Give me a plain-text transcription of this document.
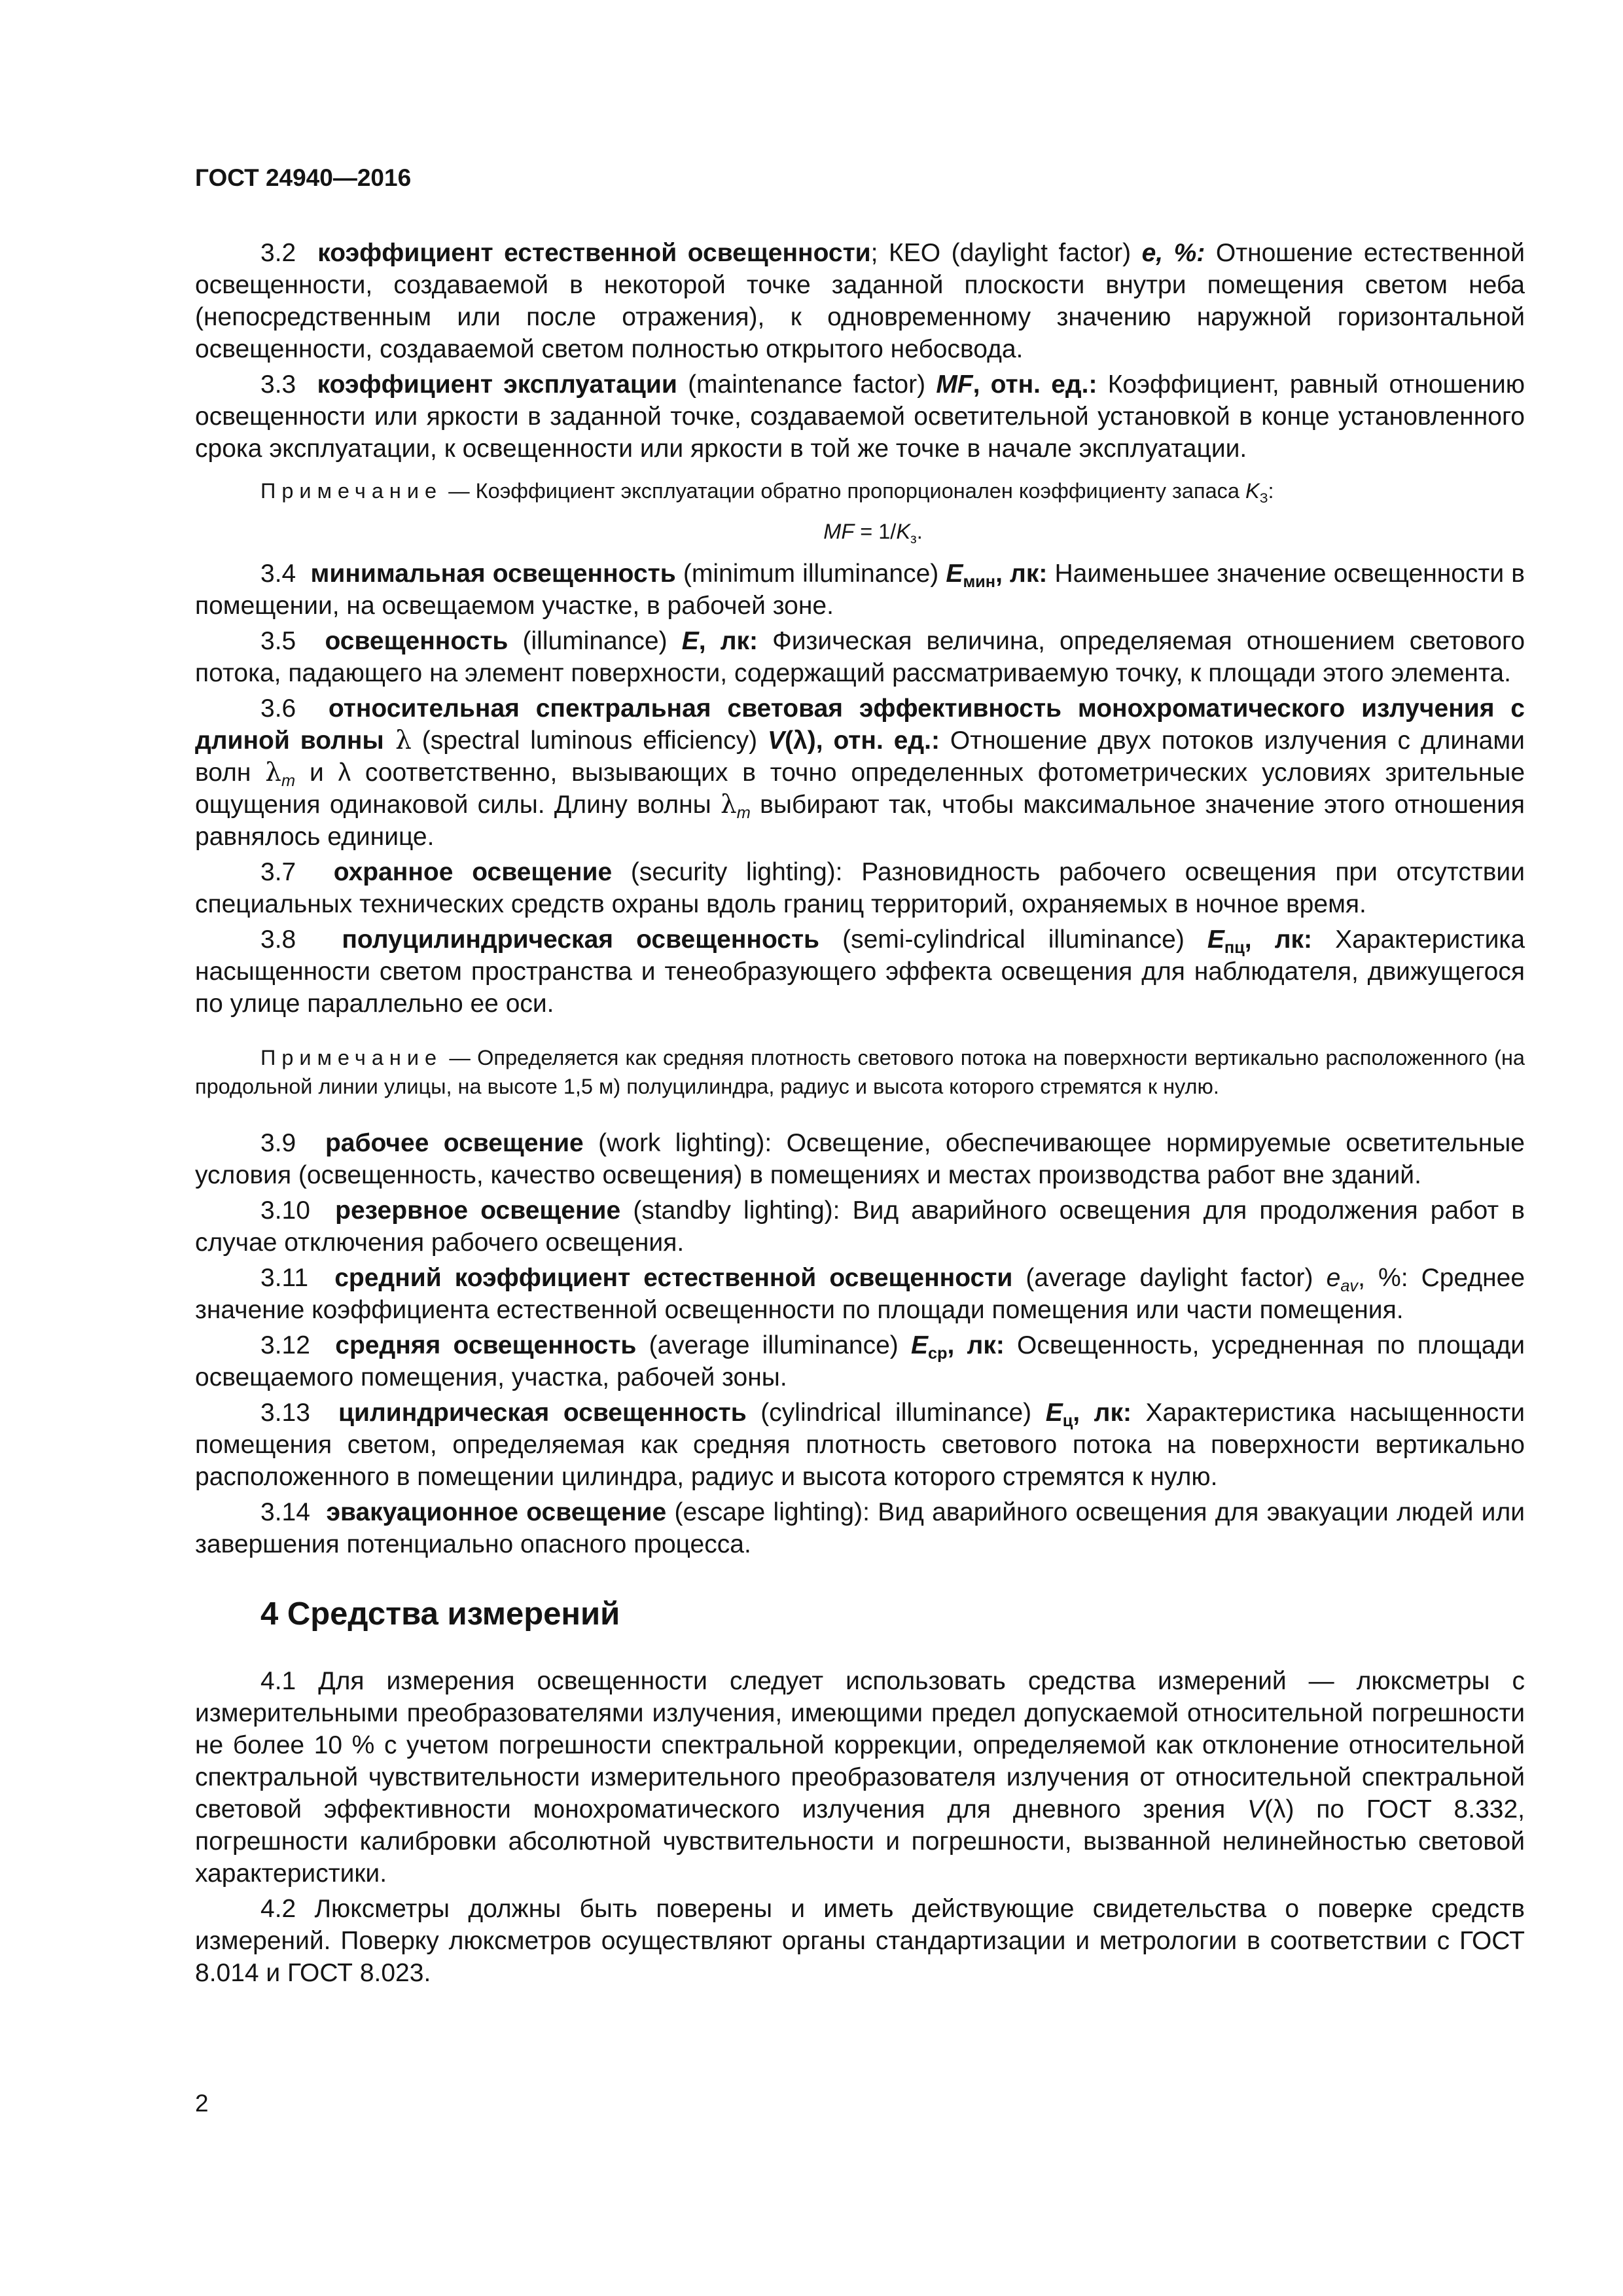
ГОСТ 24940—2016

3.2 коэффициент естественной освещенности; КЕО (daylight factor) e, %: Отношение естественной освещенности, создаваемой в некоторой точке заданной плоскости внутри помещения светом неба (непосредственным или после отражения), к одновременному значению наружной горизонтальной освещенности, создаваемой светом полностью открытого небосвода.

3.3 коэффициент эксплуатации (maintenance factor) MF, отн. ед.: Коэффициент, равный отношению освещенности или яркости в заданной точке, создаваемой осветительной установкой в конце установленного срока эксплуатации, к освещенности или яркости в той же точке в начале эксплуатации.

Примечание — Коэффициент эксплуатации обратно пропорционален коэффициенту запаса $K_З$:

MF = $1/K_з$.

3.4 минимальная освещенность (minimum illuminance) $E_{мин}$, лк: Наименьшее значение освещенности в помещении, на освещаемом участке, в рабочей зоне.

3.5 освещенность (illuminance) E, лк: Физическая величина, определяемая отношением светового потока, падающего на элемент поверхности, содержащий рассматриваемую точку, к площади этого элемента.

3.6 относительная спектральная световая эффективность монохроматического излучения с длиной волны λ (spectral luminous efficiency) V(λ), отн. ед.: Отношение двух потоков излучения с длинами волн $\lambda_m$ и λ соответственно, вызывающих в точно определенных фотометрических условиях зрительные ощущения одинаковой силы. Длину волны $\lambda_m$ выбирают так, чтобы максимальное значение этого отношения равнялось единице.

3.7 охранное освещение (security lighting): Разновидность рабочего освещения при отсутствии специальных технических средств охраны вдоль границ территорий, охраняемых в ночное время.

3.8 полуцилиндрическая освещенность (semi-cylindrical illuminance) $E_{пц}$, лк: Характеристика насыщенности светом пространства и тенеобразующего эффекта освещения для наблюдателя, движущегося по улице параллельно ее оси.

Примечание — Определяется как средняя плотность светового потока на поверхности вертикально расположенного (на продольной линии улицы, на высоте 1,5 м) полуцилиндра, радиус и высота которого стремятся к нулю.

3.9 рабочее освещение (work lighting): Освещение, обеспечивающее нормируемые осветительные условия (освещенность, качество освещения) в помещениях и местах производства работ вне зданий.

3.10 резервное освещение (standby lighting): Вид аварийного освещения для продолжения работ в случае отключения рабочего освещения.

3.11 средний коэффициент естественной освещенности (average daylight factor) $e_{av}$, %: Среднее значение коэффициента естественной освещенности по площади помещения или части помещения.

3.12 средняя освещенность (average illuminance) $E_{ср}$, лк: Освещенность, усредненная по площади освещаемого помещения, участка, рабочей зоны.

3.13 цилиндрическая освещенность (cylindrical illuminance) $E_ц$, лк: Характеристика насыщенности помещения светом, определяемая как средняя плотность светового потока на поверхности вертикально расположенного в помещении цилиндра, радиус и высота которого стремятся к нулю.

3.14 эвакуационное освещение (escape lighting): Вид аварийного освещения для эвакуации людей или завершения потенциально опасного процесса.

4 Средства измерений

4.1 Для измерения освещенности следует использовать средства измерений — люксметры с измерительными преобразователями излучения, имеющими предел допускаемой относительной погрешности не более 10 % с учетом погрешности спектральной коррекции, определяемой как отклонение относительной спектральной чувствительности измерительного преобразователя излучения от относительной спектральной световой эффективности монохроматического излучения для дневного зрения V(λ) по ГОСТ 8.332, погрешности калибровки абсолютной чувствительности и погрешности, вызванной нелинейностью световой характеристики.

4.2 Люксметры должны быть поверены и иметь действующие свидетельства о поверке средств измерений. Поверку люксметров осуществляют органы стандартизации и метрологии в соответствии с ГОСТ 8.014 и ГОСТ 8.023.

2
